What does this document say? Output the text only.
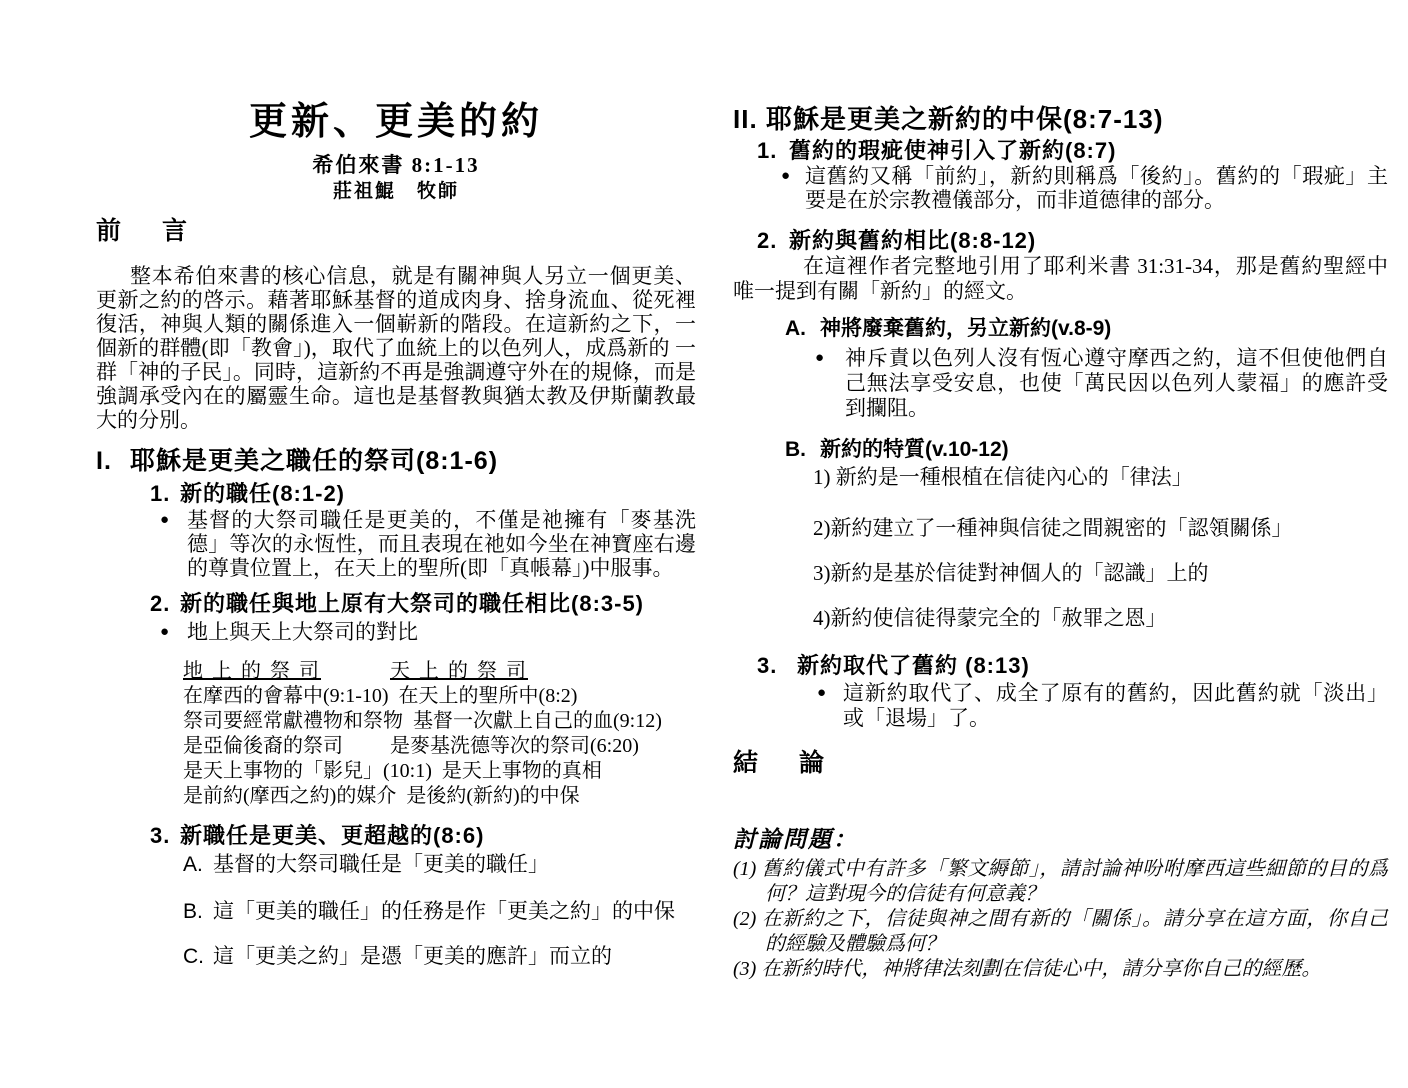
更新、更美的約
希伯來書 8:1-13
莊祖鯤　牧師
前　言
整本希伯來書的核心信息，就是有關神與人另立一個更美、更新之約的啓示。藉著耶穌基督的道成肉身、捨身流血、從死裡復活，神與人類的關係進入一個嶄新的階段。在這新約之下，一個新的群體(即「教會」)，取代了血統上的以色列人，成爲新的 一群「神的子民」。同時，這新約不再是強調遵守外在的規條，而是強調承受內在的屬靈生命。這也是基督教與猶太教及伊斯蘭教最大的分別。
I. 耶穌是更美之職任的祭司(8:1-6)
1. 新的職任(8:1-2)
● 基督的大祭司職任是更美的，不僅是祂擁有「麥基洗德」等次的永恆性，而且表現在祂如今坐在神寶座右邊的尊貴位置上，在天上的聖所(即「真帳幕」)中服事。
2. 新的職任與地上原有大祭司的職任相比(8:3-5)
● 地上與天上大祭司的對比
地 上 的 祭 司	天 上 的 祭 司
在摩西的會幕中(9:1-10) 在天上的聖所中(8:2)
祭司要經常獻禮物和祭物 基督一次獻上自己的血(9:12)
是亞倫後裔的祭司	是麥基洗德等次的祭司(6:20)
是天上事物的「影兒」(10:1) 是天上事物的真相
是前約(摩西之約)的媒介 是後約(新約)的中保
3. 新職任是更美、更超越的(8:6)
A. 基督的大祭司職任是「更美的職任」
B. 這「更美的職任」的任務是作「更美之約」的中保
C. 這「更美之約」是憑「更美的應許」而立的
II. 耶穌是更美之新約的中保(8:7-13)
1. 舊約的瑕疵使神引入了新約(8:7)
● 這舊約又稱「前約」，新約則稱爲「後約」。舊約的「瑕疵」主要是在於宗教禮儀部分，而非道德律的部分。
2. 新約與舊約相比(8:8-12)
在這裡作者完整地引用了耶利米書 31:31-34，那是舊約聖經中唯一提到有關「新約」的經文。
A. 神將廢棄舊約，另立新約(v.8-9)
● 神斥責以色列人沒有恆心遵守摩西之約，這不但使他們自己無法享受安息，也使「萬民因以色列人蒙福」的應許受到攔阻。
B. 新約的特質(v.10-12)
1) 新約是一種根植在信徒內心的「律法」
2)新約建立了一種神與信徒之間親密的「認領關係」
3)新約是基於信徒對神個人的「認識」上的
4)新約使信徒得蒙完全的「赦罪之恩」
3. 新約取代了舊約 (8:13)
● 這新約取代了、成全了原有的舊約，因此舊約就「淡出」或「退場」了。
結　論
討論問題：
(1) 舊約儀式中有許多「繁文縟節」，請討論神吩咐摩西這些細節的目的爲何？這對現今的信徒有何意義？
(2) 在新約之下，信徒與神之間有新的「關係」。請分享在這方面，你自己的經驗及體驗爲何？
(3) 在新約時代，神將律法刻劃在信徒心中，請分享你自己的經歷。
